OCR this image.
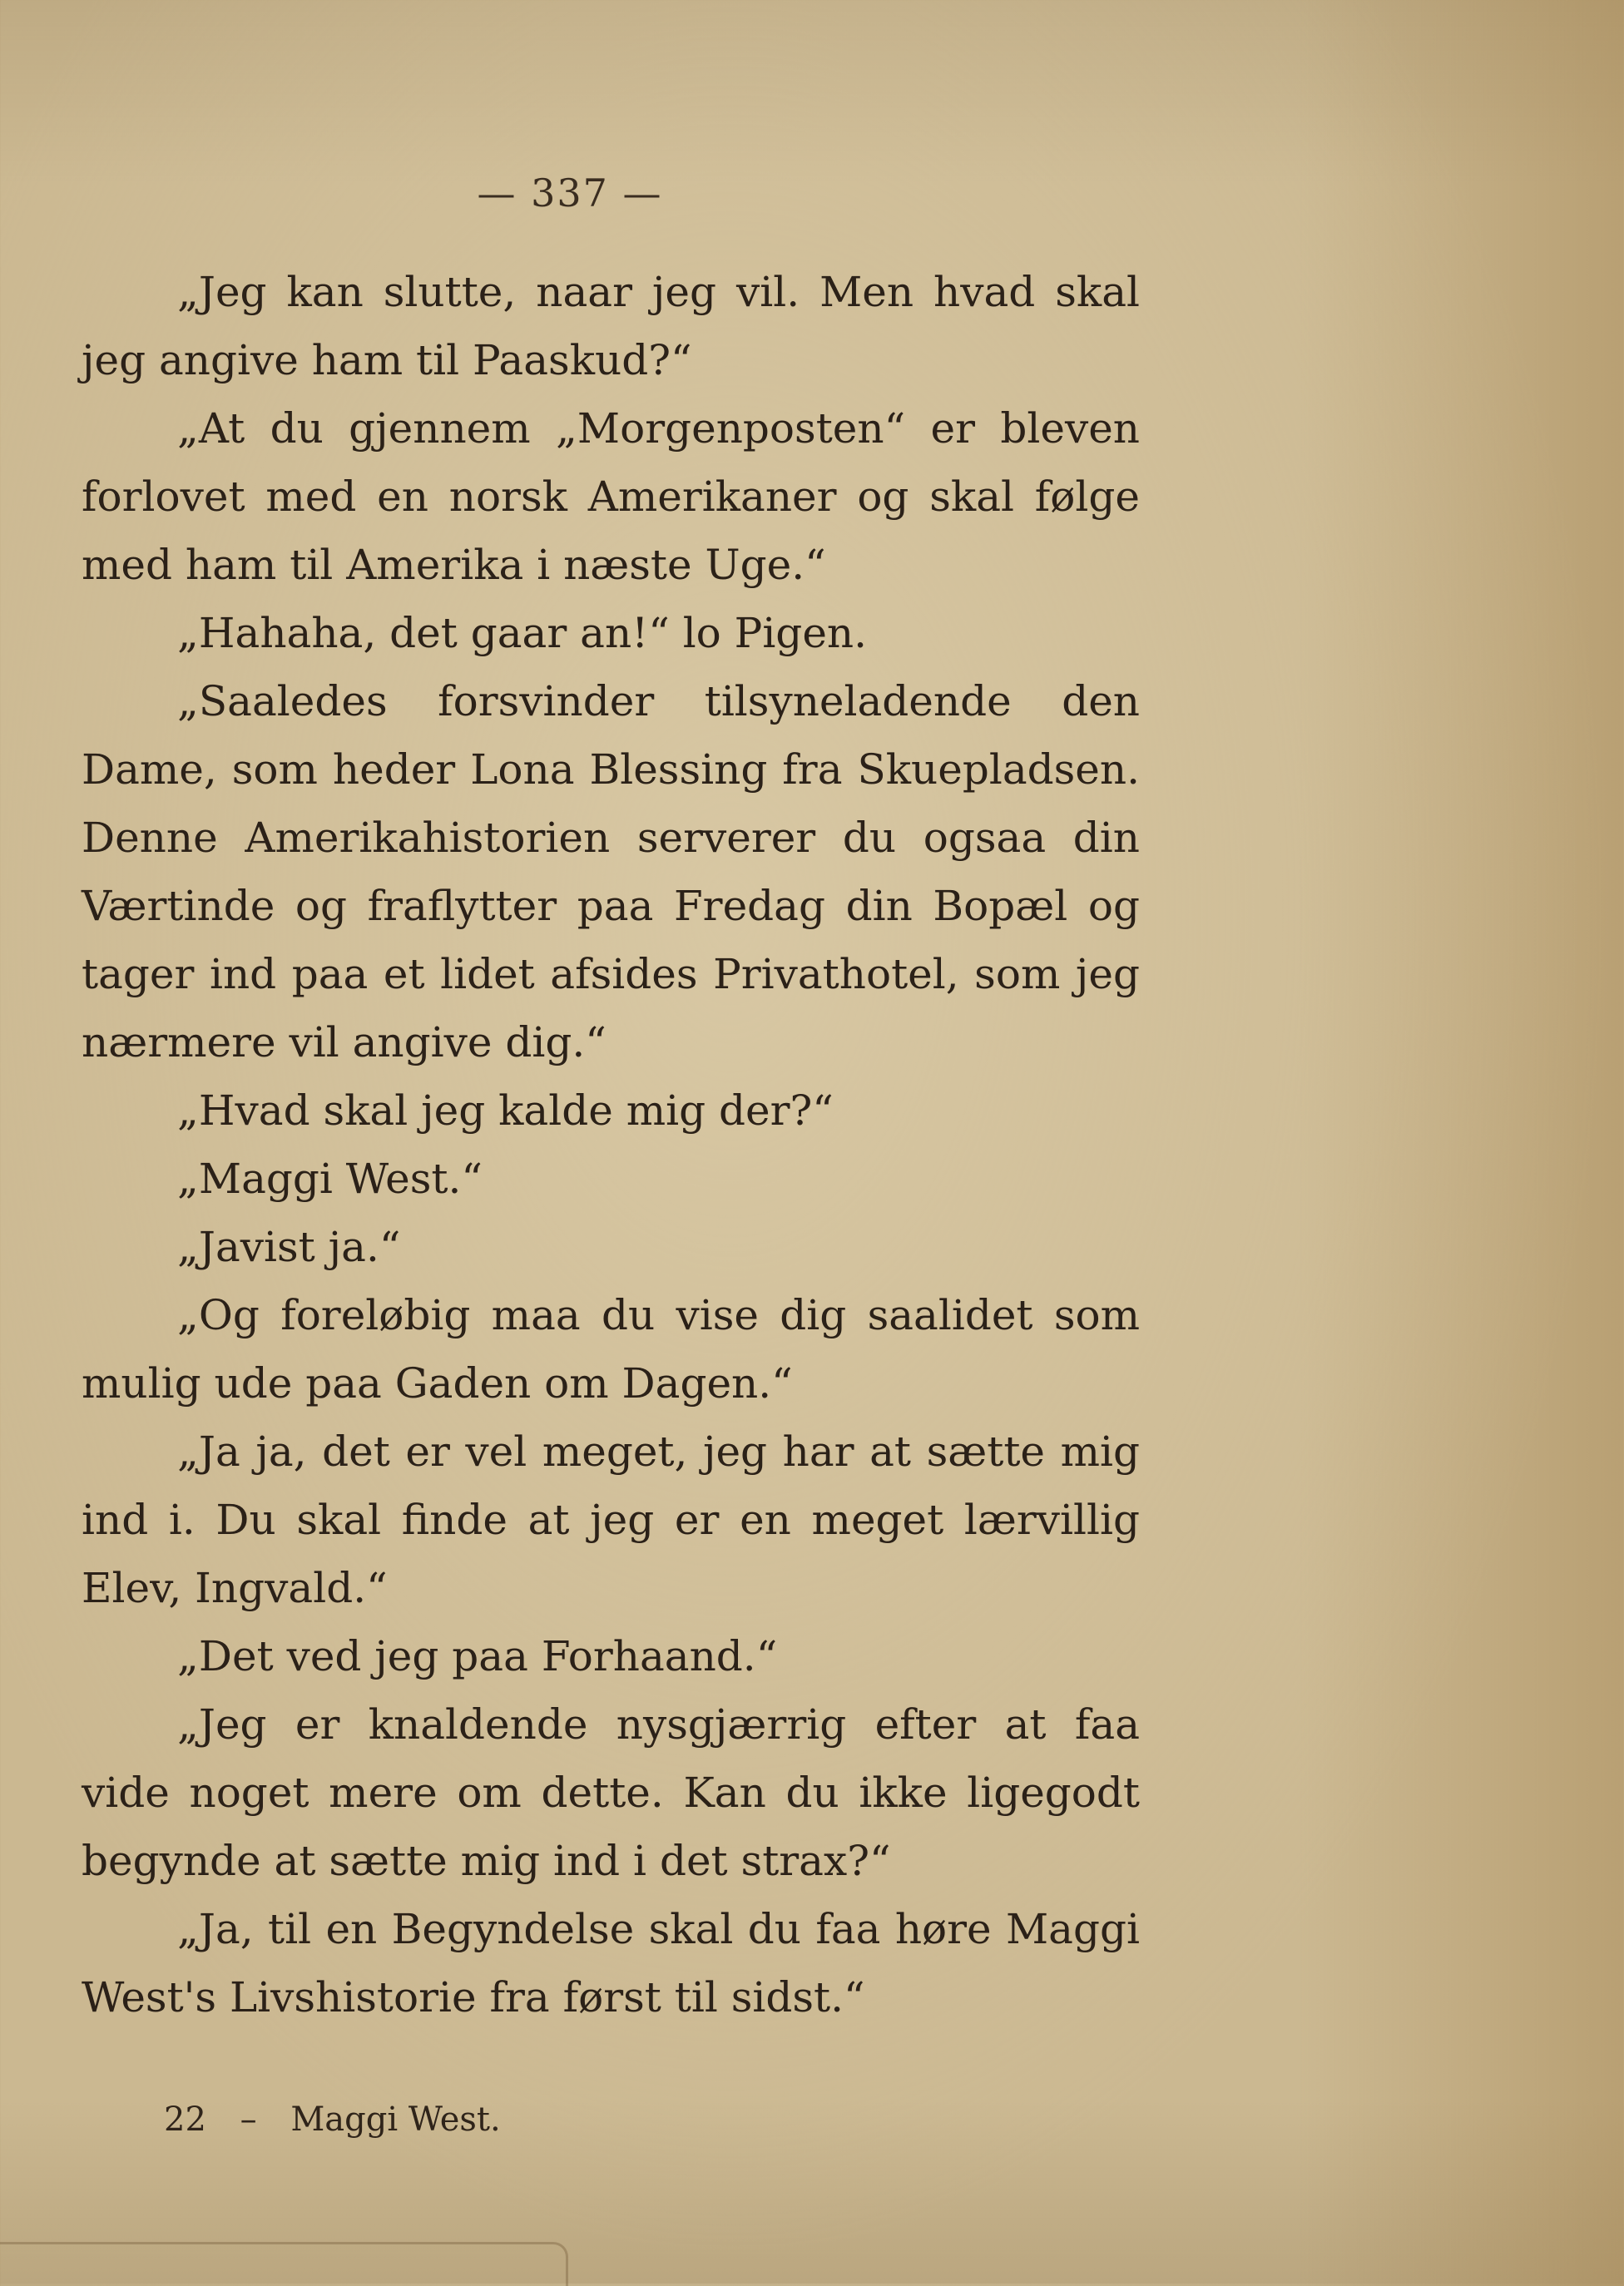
— 337 —

„Jeg kan slutte, naar jeg vil. Men hvad skal jeg angive ham til Paaskud?“

„At du gjennem „Morgenposten“ er bleven forlovet med en norsk Amerikaner og skal følge med ham til Amerika i næste Uge.“

„Hahaha, det gaar an!“ lo Pigen.

„Saaledes forsvinder tilsyneladende den Dame, som heder Lona Blessing fra Skuepladsen. Denne Amerikahistorien serverer du ogsaa din Værtinde og fraflytter paa Fredag din Bopæl og tager ind paa et lidet afsides Privathotel, som jeg nærmere vil angive dig.“

„Hvad skal jeg kalde mig der?“

„Maggi West.“

„Javist ja.“

„Og foreløbig maa du vise dig saalidet som mulig ude paa Gaden om Dagen.“

„Ja ja, det er vel meget, jeg har at sætte mig ind i. Du skal finde at jeg er en meget lærvillig Elev, Ingvald.“

„Det ved jeg paa Forhaand.“

„Jeg er knaldende nysgjærrig efter at faa vide noget mere om dette. Kan du ikke ligegodt begynde at sætte mig ind i det strax?“

„Ja, til en Begyndelse skal du faa høre Maggi West's Livshistorie fra først til sidst.“

22 – Maggi West.
